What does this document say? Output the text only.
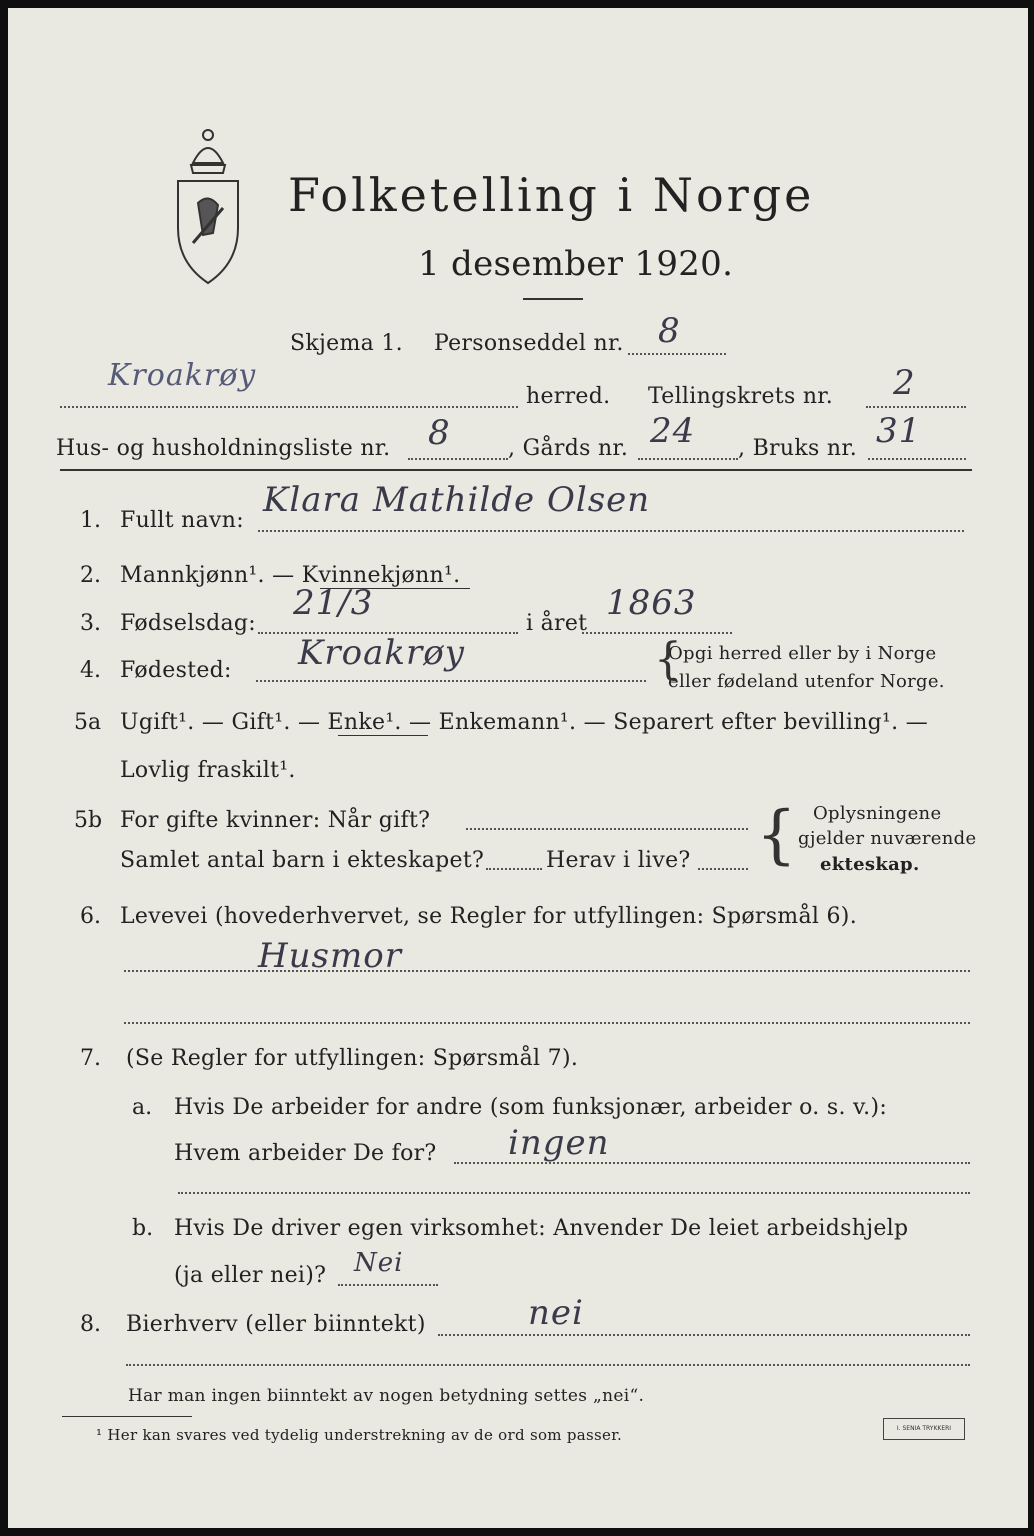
Folketelling i Norge
1 desember 1920.
Skjema 1. Personseddel nr. 8
Kroakrøy
herred. Tellingskrets nr. 2
Hus- og husholdningsliste nr. 8	, Gårds nr. 24 , Bruks nr. 31
1. Fullt navn:
Klara Mathilde Olsen
2. Mannkjønn¹. — Kvinnekjønn¹.
3. Fødselsdag:
21/3
i året
1863
4. Fødested: Kroakrøy	Opgi herred eller by i Norge
eller fødeland utenfor Norge.
{
5a Ugift¹. — Gift¹. — Enke¹. — Enkemann¹. — Separert efter bevilling¹. —
Lovlig fraskilt¹.
5b For gifte kvinner: Når gift?
Samlet antal barn i ekteskapet?	Herav i live? { Oplysningene
gjelder nuværende
ekteskap.
6. Levevei (hovederhvervet, se Regler for utfyllingen: Spørsmål 6).
Husmor
7. (Se Regler for utfyllingen: Spørsmål 7).
a. Hvis De arbeider for andre (som funksjonær, arbeider o. s. v.):
Hvem arbeider De for? ingen
b. Hvis De driver egen virksomhet: Anvender De leiet arbeidshjelp
(ja eller nei)? Nei
8. Bierhverv (eller biinntekt)	nei
Har man ingen biinntekt av nogen betydning settes „nei“.
¹ Her kan svares ved tydelig understrekning av de ord som passer.	I. SENIA TRYKKERI
